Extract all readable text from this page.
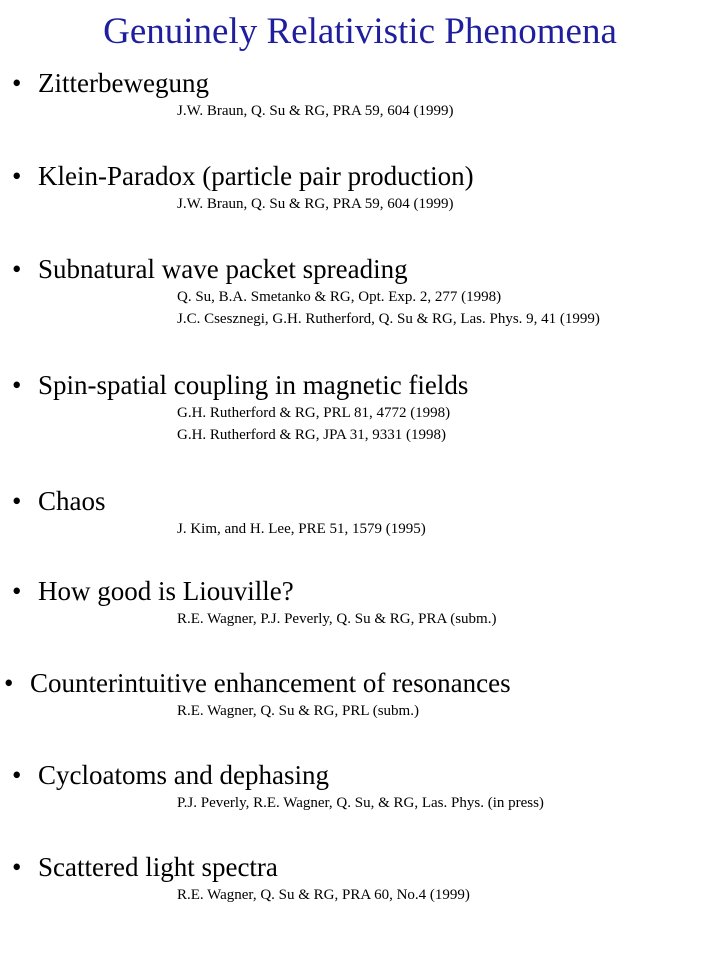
Genuinely Relativistic Phenomena
• Zitterbewegung
J.W. Braun, Q. Su & RG, PRA 59, 604 (1999)
• Klein-Paradox (particle pair production)
J.W. Braun, Q. Su & RG, PRA 59, 604 (1999)
• Subnatural wave packet spreading
Q. Su, B.A. Smetanko & RG, Opt. Exp. 2, 277 (1998)
J.C. Csesznegi, G.H. Rutherford, Q. Su & RG, Las. Phys. 9, 41 (1999)
• Spin-spatial coupling in magnetic fields
G.H. Rutherford & RG, PRL 81, 4772 (1998)
G.H. Rutherford & RG, JPA 31, 9331 (1998)
• Chaos
J. Kim, and H. Lee, PRE 51, 1579 (1995)
• How good is Liouville?
R.E. Wagner, P.J. Peverly, Q. Su & RG, PRA (subm.)
• Counterintuitive enhancement of resonances
R.E. Wagner, Q. Su & RG, PRL (subm.)
• Cycloatoms and dephasing
P.J. Peverly, R.E. Wagner, Q. Su, & RG, Las. Phys. (in press)
• Scattered light spectra
R.E. Wagner, Q. Su & RG, PRA 60, No.4 (1999)
